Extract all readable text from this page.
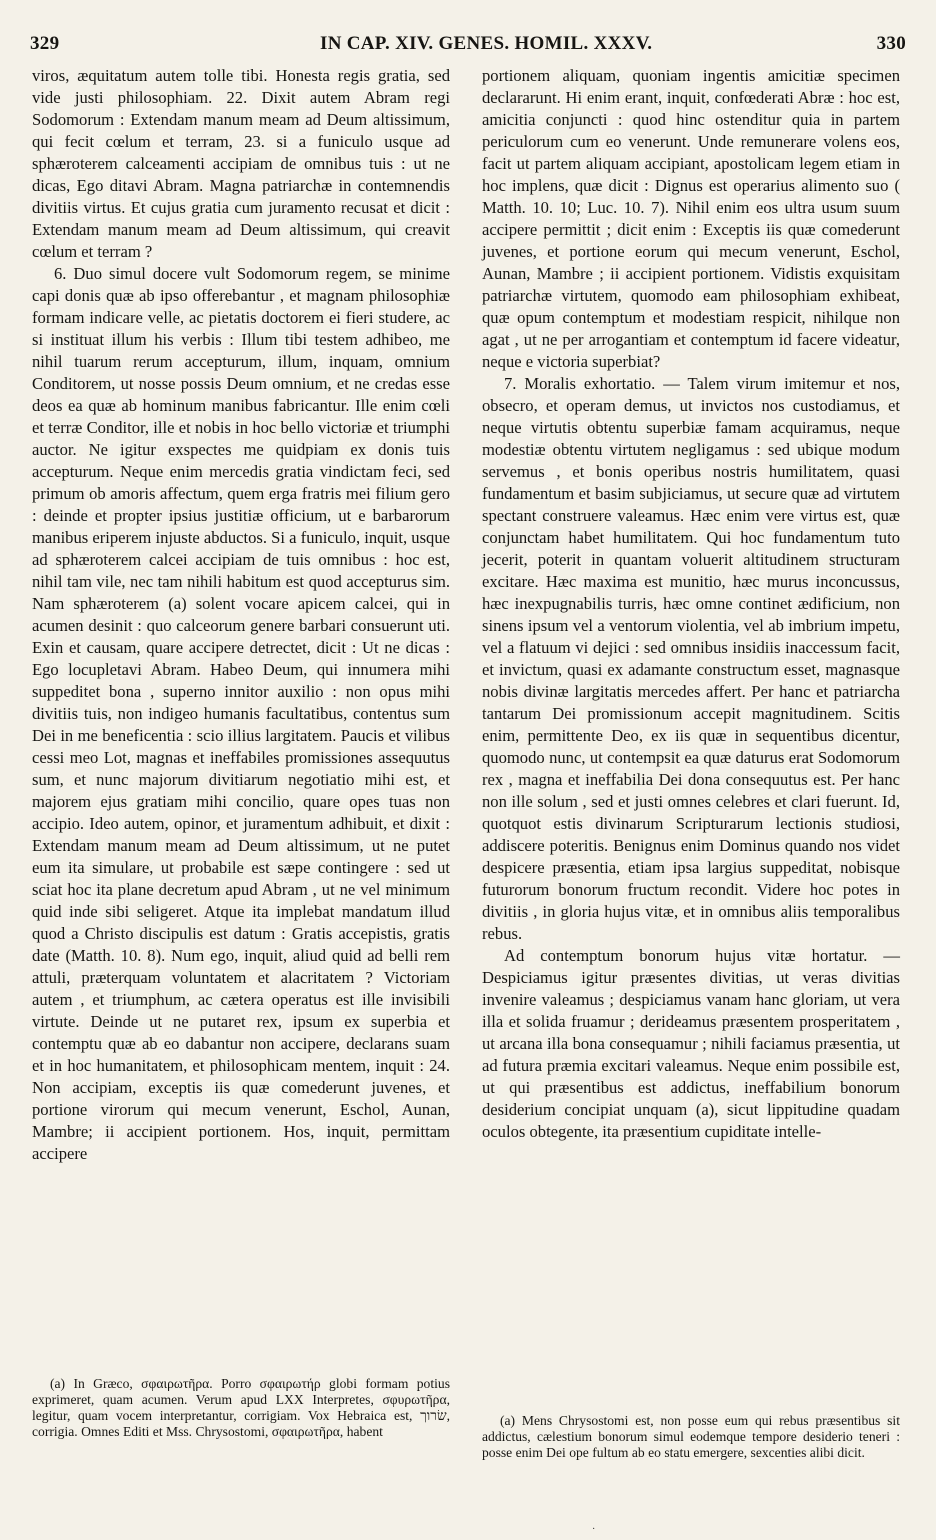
329	IN CAP. XIV. GENES. HOMIL. XXXV.	330

viros, æquitatum autem tolle tibi. Honesta regis gratia, sed vide justi philosophiam. 22. Dixit autem Abram regi Sodomorum : Extendam manum meam ad Deum altissimum, qui fecit cœlum et terram, 23. si a funiculo usque ad sphæroterem calceamenti accipiam de omnibus tuis : ut ne dicas, Ego ditavi Abram. Magna patriarchæ in contemnendis divitiis virtus. Et cujus gratia cum juramento recusat et dicit : Extendam manum meam ad Deum altissimum, qui creavit cœlum et terram ?

6. Duo simul docere vult Sodomorum regem, se minime capi donis quæ ab ipso offerebantur , et magnam philosophiæ formam indicare velle, ac pietatis doctorem ei fieri studere, ac si instituat illum his verbis : Illum tibi testem adhibeo, me nihil tuarum rerum accepturum, illum, inquam, omnium Conditorem, ut nosse possis Deum omnium, et ne credas esse deos ea quæ ab hominum manibus fabricantur. Ille enim cœli et terræ Conditor, ille et nobis in hoc bello victoriæ et triumphi auctor. Ne igitur exspectes me quidpiam ex donis tuis accepturum. Neque enim mercedis gratia vindictam feci, sed primum ob amoris affectum, quem erga fratris mei filium gero : deinde et propter ipsius justitiæ officium, ut e barbarorum manibus eriperem injuste abductos. Si a funiculo, inquit, usque ad sphæroterem calcei accipiam de tuis omnibus : hoc est, nihil tam vile, nec tam nihili habitum est quod accepturus sim. Nam sphæroterem (a) solent vocare apicem calcei, qui in acumen desinit : quo calceorum genere barbari consuerunt uti. Exin et causam, quare accipere detrectet, dicit : Ut ne dicas : Ego locupletavi Abram. Habeo Deum, qui innumera mihi suppeditet bona , superno innitor auxilio : non opus mihi divitiis tuis, non indigeo humanis facultatibus, contentus sum Dei in me beneficentia : scio illius largitatem. Paucis et vilibus cessi meo Lot, magnas et ineffabiles promissiones assequutus sum, et nunc majorum divitiarum negotiatio mihi est, et majorem ejus gratiam mihi concilio, quare opes tuas non accipio. Ideo autem, opinor, et juramentum adhibuit, et dixit : Extendam manum meam ad Deum altissimum, ut ne putet eum ita simulare, ut probabile est sæpe contingere : sed ut sciat hoc ita plane decretum apud Abram , ut ne vel minimum quid inde sibi seligeret. Atque ita implebat mandatum illud quod a Christo discipulis est datum : Gratis accepistis, gratis date (Matth. 10. 8). Num ego, inquit, aliud quid ad belli rem attuli, præterquam voluntatem et alacritatem ? Victoriam autem , et triumphum, ac cætera operatus est ille invisibili virtute. Deinde ut ne putaret rex, ipsum ex superbia et contemptu quæ ab eo dabantur non accipere, declarans suam et in hoc humanitatem, et philosophicam mentem, inquit : 24. Non accipiam, exceptis iis quæ comederunt juvenes, et portione virorum qui mecum venerunt, Eschol, Aunan, Mambre; ii accipient portionem. Hos, inquit, permittam accipere

portionem aliquam, quoniam ingentis amicitiæ specimen declararunt. Hi enim erant, inquit, confœderati Abræ : hoc est, amicitia conjuncti : quod hinc ostenditur quia in partem periculorum cum eo venerunt. Unde remunerare volens eos, facit ut partem aliquam accipiant, apostolicam legem etiam in hoc implens, quæ dicit : Dignus est operarius alimento suo ( Matth. 10. 10; Luc. 10. 7). Nihil enim eos ultra usum suum accipere permittit ; dicit enim : Exceptis iis quæ comederunt juvenes, et portione eorum qui mecum venerunt, Eschol, Aunan, Mambre ; ii accipient portionem. Vidistis exquisitam patriarchæ virtutem, quomodo eam philosophiam exhibeat, quæ opum contemptum et modestiam respicit, nihilque non agat , ut ne per arrogantiam et contemptum id facere videatur, neque e victoria superbiat?

7. Moralis exhortatio. — Talem virum imitemur et nos, obsecro, et operam demus, ut invictos nos custodiamus, et neque virtutis obtentu superbiæ famam acquiramus, neque modestiæ obtentu virtutem negligamus : sed ubique modum servemus , et bonis operibus nostris humilitatem, quasi fundamentum et basim subjiciamus, ut secure quæ ad virtutem spectant construere valeamus. Hæc enim vere virtus est, quæ conjunctam habet humilitatem. Qui hoc fundamentum tuto jecerit, poterit in quantam voluerit altitudinem structuram excitare. Hæc maxima est munitio, hæc murus inconcussus, hæc inexpugnabilis turris, hæc omne continet ædificium, non sinens ipsum vel a ventorum violentia, vel ab imbrium impetu, vel a flatuum vi dejici : sed omnibus insidiis inaccessum facit, et invictum, quasi ex adamante constructum esset, magnasque nobis divinæ largitatis mercedes affert. Per hanc et patriarcha tantarum Dei promissionum accepit magnitudinem. Scitis enim, permittente Deo, ex iis quæ in sequentibus dicentur, quomodo nunc, ut contempsit ea quæ daturus erat Sodomorum rex , magna et ineffabilia Dei dona consequutus est. Per hanc non ille solum , sed et justi omnes celebres et clari fuerunt. Id, quotquot estis divinarum Scripturarum lectionis studiosi, addiscere poteritis. Benignus enim Dominus quando nos videt despicere præsentia, etiam ipsa largius suppeditat, nobisque futurorum bonorum fructum recondit. Videre hoc potes in divitiis , in gloria hujus vitæ, et in omnibus aliis temporalibus rebus.

Ad contemptum bonorum hujus vitæ hortatur. — Despiciamus igitur præsentes divitias, ut veras divitias invenire valeamus ; despiciamus vanam hanc gloriam, ut vera illa et solida fruamur ; derideamus præsentem prosperitatem , ut arcana illa bona consequamur ; nihili faciamus præsentia, ut ad futura præmia excitari valeamus. Neque enim possibile est, ut qui præsentibus est addictus, ineffabilium bonorum desiderium concipiat unquam (a), sicut lippitudine quadam oculos obtegente, ita præsentium cupiditate intelle-

(a) In Græco, σφαιρωτῆρα. Porro σφαιρωτήρ globi formam potius exprimeret, quam acumen. Verum apud LXX Interpretes, σφυρωτῆρα, legitur, quam vocem interpretantur, corrigiam. Vox Hebraica est, שׂרוך, corrigia. Omnes Editi et Mss. Chrysostomi, σφαιρωτῆρα, habent

(a) Mens Chrysostomi est, non posse eum qui rebus præsentibus sit addictus, cælestium bonorum simul eodemque tempore desiderio teneri : posse enim Dei ope fultum ab eo statu emergere, sexcenties alibi dicit.

·
